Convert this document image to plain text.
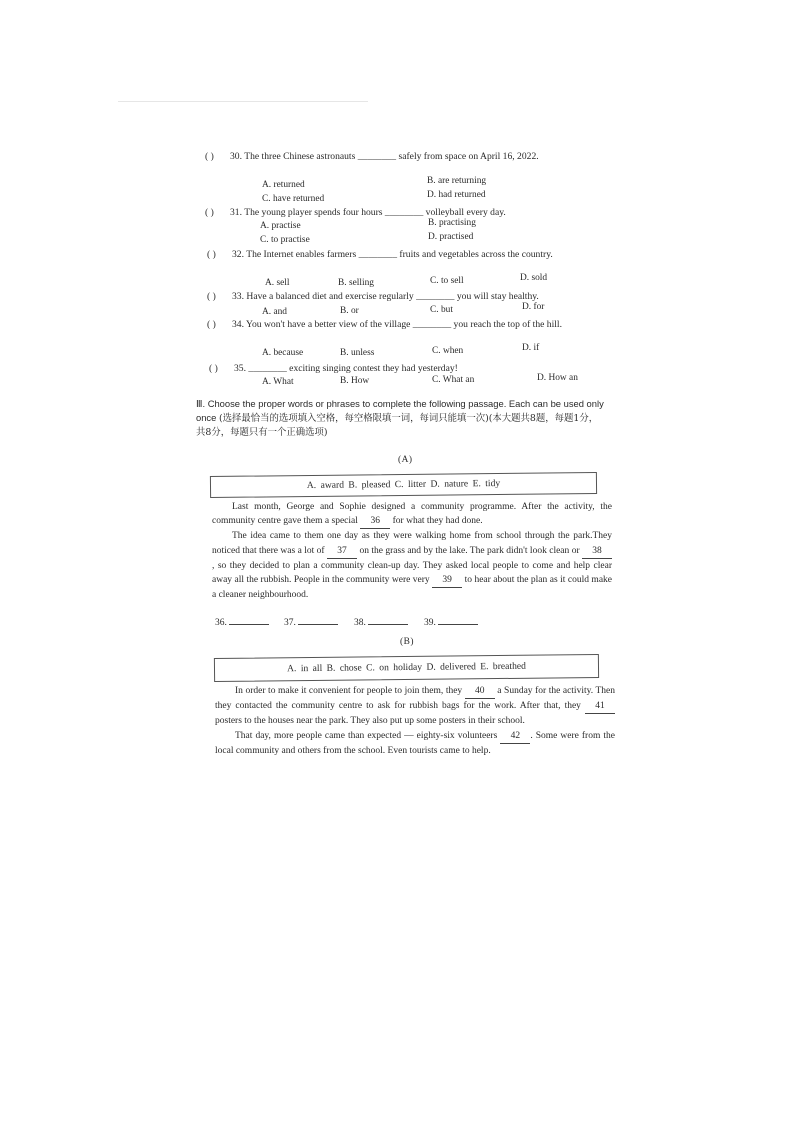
( ) 30. The three Chinese astronauts ________ safely from space on April 16, 2022.
A. returned	B. are returning
C. have returned	D. had returned
( ) 31. The young player spends four hours ________ volleyball every day.
A. practise	B. practising
C. to practise	D. practised
( ) 32. The Internet enables farmers ________ fruits and vegetables across the country.
A. sell	B. selling	C. to sell	D. sold
( ) 33. Have a balanced diet and exercise regularly ________ you will stay healthy.
A. and	B. or	C. but	D. for
( ) 34. You won't have a better view of the village ________ you reach the top of the hill.
A. because	B. unless	C. when	D. if
( ) 35. ________ exciting singing contest they had yesterday!
A. What	B. How	C. What an	D. How an
Ⅲ. Choose the proper words or phrases to complete the following passage. Each can be used only once (选择最恰当的选项填入空格，每空格限填一词，每词只能填一次)(本大题共8题，每题1分，共8分，每题只有一个正确选项)
(A)
A. award B. pleased C. litter D. nature E. tidy

Last month, George and Sophie designed a community programme. After the activity, the community centre gave them a special 36 for what they had done.

The idea came to them one day as they were walking home from school through the park.They noticed that there was a lot of 37 on the grass and by the lake. The park didn't look clean or 38, so they decided to plan a community clean-up day. They asked local people to come and help clear away all the rubbish. People in the community were very 39 to hear about the plan as it could make a cleaner neighbourhood.

36.	37.	38.	39.
(B)
A. in all B. chose C. on holiday D. delivered E. breathed

In order to make it convenient for people to join them, they 40 a Sunday for the activity. Then they contacted the community centre to ask for rubbish bags for the work. After that, they 41 posters to the houses near the park. They also put up some posters in their school.

That day, more people came than expected — eighty-six volunteers 42 . Some were from the local community and others from the school. Even tourists came to help.
